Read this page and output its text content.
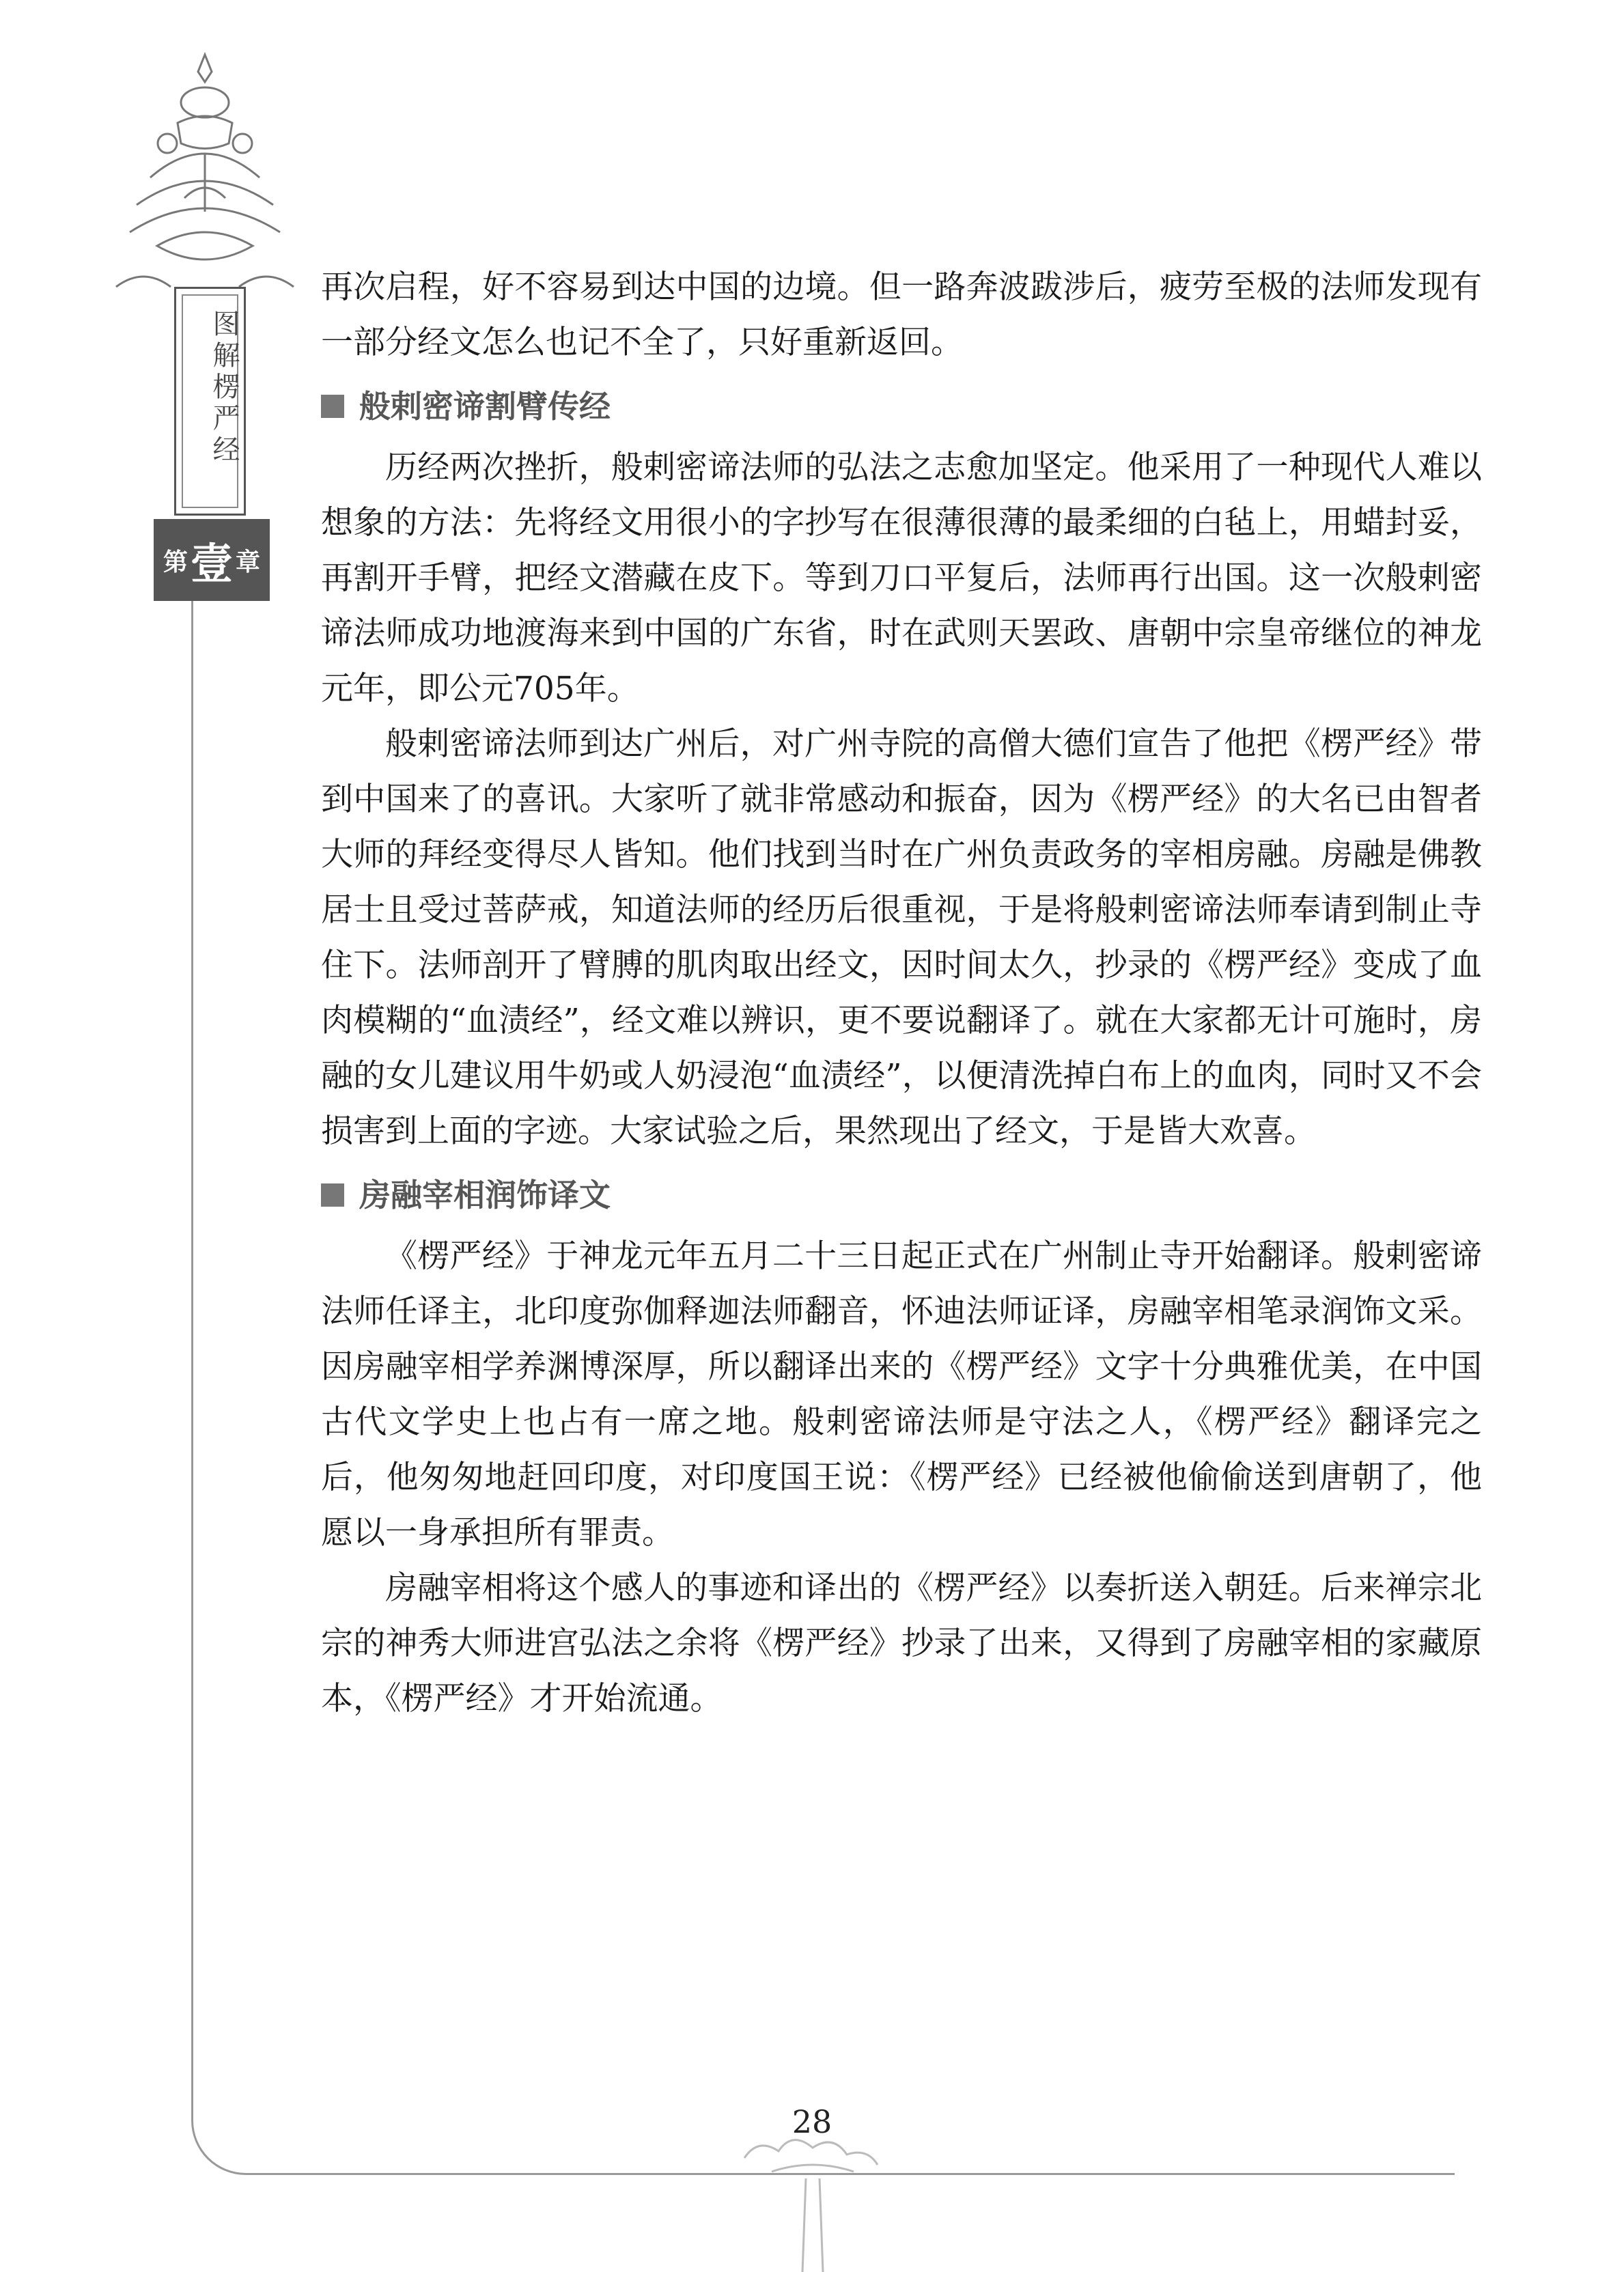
图解楞严经
第 壹 章

再次启程，好不容易到达中国的边境。但一路奔波跋涉后，疲劳至极的法师发现有一部分经文怎么也记不全了，只好重新返回。

般剌密谛割臂传经

历经两次挫折，般剌密谛法师的弘法之志愈加坚定。他采用了一种现代人难以想象的方法：先将经文用很小的字抄写在很薄很薄的最柔细的白毡上，用蜡封妥，再割开手臂，把经文潜藏在皮下。等到刀口平复后，法师再行出国。这一次般剌密谛法师成功地渡海来到中国的广东省，时在武则天罢政、唐朝中宗皇帝继位的神龙元年，即公元705年。

般剌密谛法师到达广州后，对广州寺院的高僧大德们宣告了他把《楞严经》带到中国来了的喜讯。大家听了就非常感动和振奋，因为《楞严经》的大名已由智者大师的拜经变得尽人皆知。他们找到当时在广州负责政务的宰相房融。房融是佛教居士且受过菩萨戒，知道法师的经历后很重视，于是将般剌密谛法师奉请到制止寺住下。法师剖开了臂膊的肌肉取出经文，因时间太久，抄录的《楞严经》变成了血肉模糊的“血渍经”，经文难以辨识，更不要说翻译了。就在大家都无计可施时，房融的女儿建议用牛奶或人奶浸泡“血渍经”，以便清洗掉白布上的血肉，同时又不会损害到上面的字迹。大家试验之后，果然现出了经文，于是皆大欢喜。

房融宰相润饰译文

《楞严经》于神龙元年五月二十三日起正式在广州制止寺开始翻译。般剌密谛法师任译主，北印度弥伽释迦法师翻音，怀迪法师证译，房融宰相笔录润饰文采。因房融宰相学养渊博深厚，所以翻译出来的《楞严经》文字十分典雅优美，在中国古代文学史上也占有一席之地。般剌密谛法师是守法之人，《楞严经》翻译完之后，他匆匆地赶回印度，对印度国王说：《楞严经》已经被他偷偷送到唐朝了，他愿以一身承担所有罪责。

房融宰相将这个感人的事迹和译出的《楞严经》以奏折送入朝廷。后来禅宗北宗的神秀大师进宫弘法之余将《楞严经》抄录了出来，又得到了房融宰相的家藏原本，《楞严经》才开始流通。

28
